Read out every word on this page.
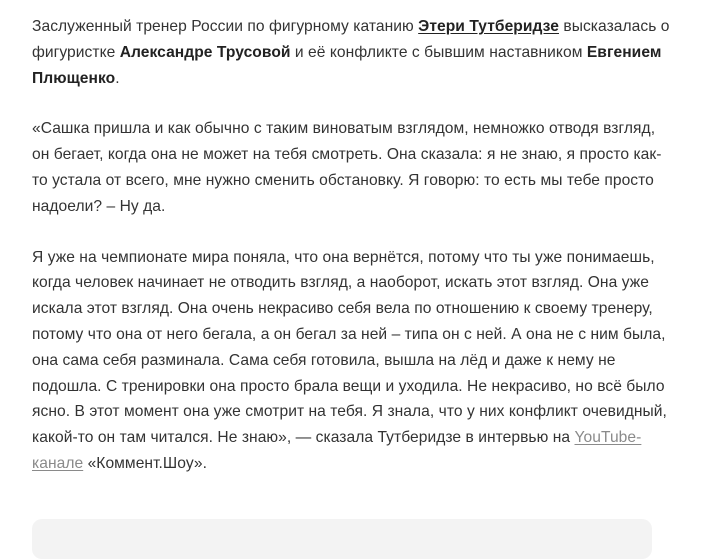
Заслуженный тренер России по фигурному катанию Этери Тутберидзе высказалась о фигуристке Александре Трусовой и её конфликте с бывшим наставником Евгением Плющенко.

«Сашка пришла и как обычно с таким виноватым взглядом, немножко отводя взгляд, он бегает, когда она не может на тебя смотреть. Она сказала: я не знаю, я просто как-то устала от всего, мне нужно сменить обстановку. Я говорю: то есть мы тебе просто надоели? – Ну да.

Я уже на чемпионате мира поняла, что она вернётся, потому что ты уже понимаешь, когда человек начинает не отводить взгляд, а наоборот, искать этот взгляд. Она уже искала этот взгляд. Она очень некрасиво себя вела по отношению к своему тренеру, потому что она от него бегала, а он бегал за ней – типа он с ней. А она не с ним была, она сама себя разминала. Сама себя готовила, вышла на лёд и даже к нему не подошла. С тренировки она просто брала вещи и уходила. Не некрасиво, но всё было ясно. В этот момент она уже смотрит на тебя. Я знала, что у них конфликт очевидный, какой-то он там читался. Не знаю», — сказала Тутберидзе в интервью на YouTube-канале «Коммент.Шоу».
